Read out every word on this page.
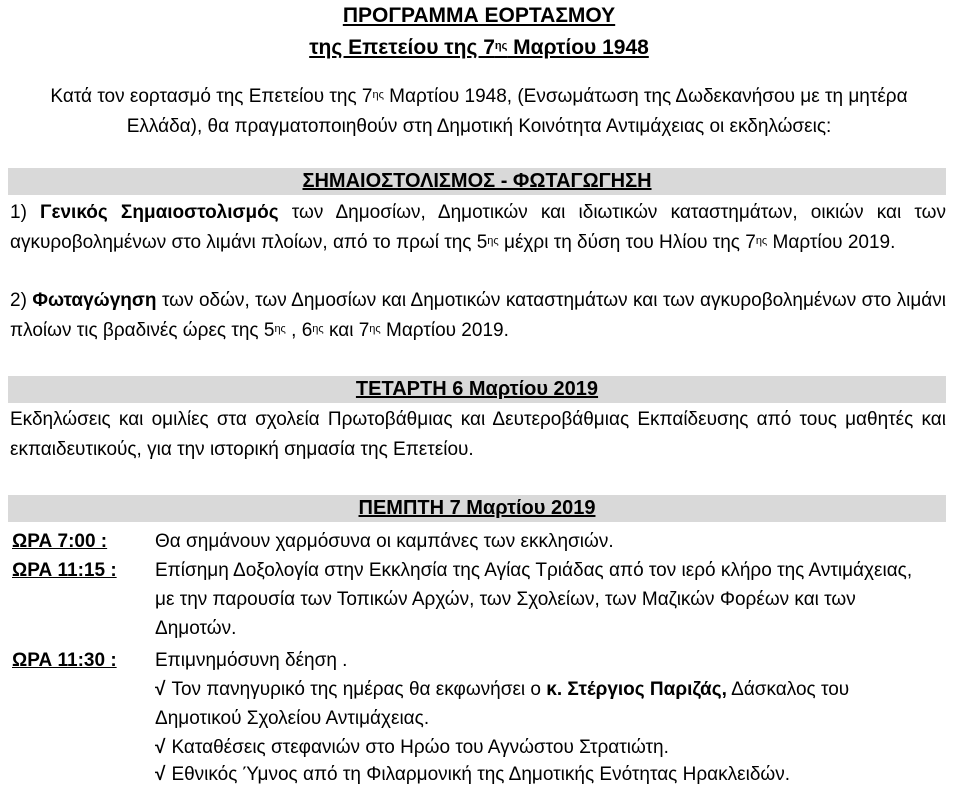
ΠΡΟΓΡΑΜΜΑ ΕΟΡΤΑΣΜΟΥ
της Επετείου της $7^{\eta\varsigma}$ Μαρτίου 1948
Κατά τον εορτασμό της Επετείου της $7^{\eta\varsigma}$ Μαρτίου 1948, (Ενσωμάτωση της Δωδεκανήσου με τη μητέρα Ελλάδα), θα πραγματοποιηθούν στη Δημοτική Κοινότητα Αντιμάχειας οι εκδηλώσεις:
ΣΗΜΑΙΟΣΤΟΛΙΣΜΟΣ - ΦΩΤΑΓΩΓΗΣΗ
1) Γενικός Σημαιοστολισμός των Δημοσίων, Δημοτικών και ιδιωτικών καταστημάτων, οικιών και των αγκυροβολημένων στο λιμάνι πλοίων, από το πρωί της $5^{\eta\varsigma}$ μέχρι τη δύση του Ηλίου της $7^{\eta\varsigma}$ Μαρτίου 2019.
2) Φωταγώγηση των οδών, των Δημοσίων και Δημοτικών καταστημάτων και των αγκυροβολημένων στο λιμάνι πλοίων τις βραδινές ώρες της $5^{\eta\varsigma}$ , $6^{\eta\varsigma}$ και $7^{\eta\varsigma}$ Μαρτίου 2019.
ΤΕΤΑΡΤΗ 6 Μαρτίου 2019
Εκδηλώσεις και ομιλίες στα σχολεία Πρωτοβάθμιας και Δευτεροβάθμιας Εκπαίδευσης από τους μαθητές και εκπαιδευτικούς, για την ιστορική σημασία της Επετείου.
ΠΕΜΠΤΗ 7 Μαρτίου 2019
ΩΡΑ 7:00 :	Θα σημάνουν χαρμόσυνα οι καμπάνες των εκκλησιών.
ΩΡΑ 11:15 : Επίσημη Δοξολογία στην Εκκλησία της Αγίας Τριάδας από τον ιερό κλήρο της Αντιμάχειας, με την παρουσία των Τοπικών Αρχών, των Σχολείων, των Μαζικών Φορέων και των Δημοτών.
ΩΡΑ 11:30 : Επιμνημόσυνη δέηση .
√ Τον πανηγυρικό της ημέρας θα εκφωνήσει ο κ. Στέργιος Παριζάς, Δάσκαλος του Δημοτικού Σχολείου Αντιμάχειας.
√ Καταθέσεις στεφανιών στο Ηρώο του Αγνώστου Στρατιώτη.
√ Εθνικός Ύμνος από τη Φιλαρμονική της Δημοτικής Ενότητας Ηρακλειδών.
